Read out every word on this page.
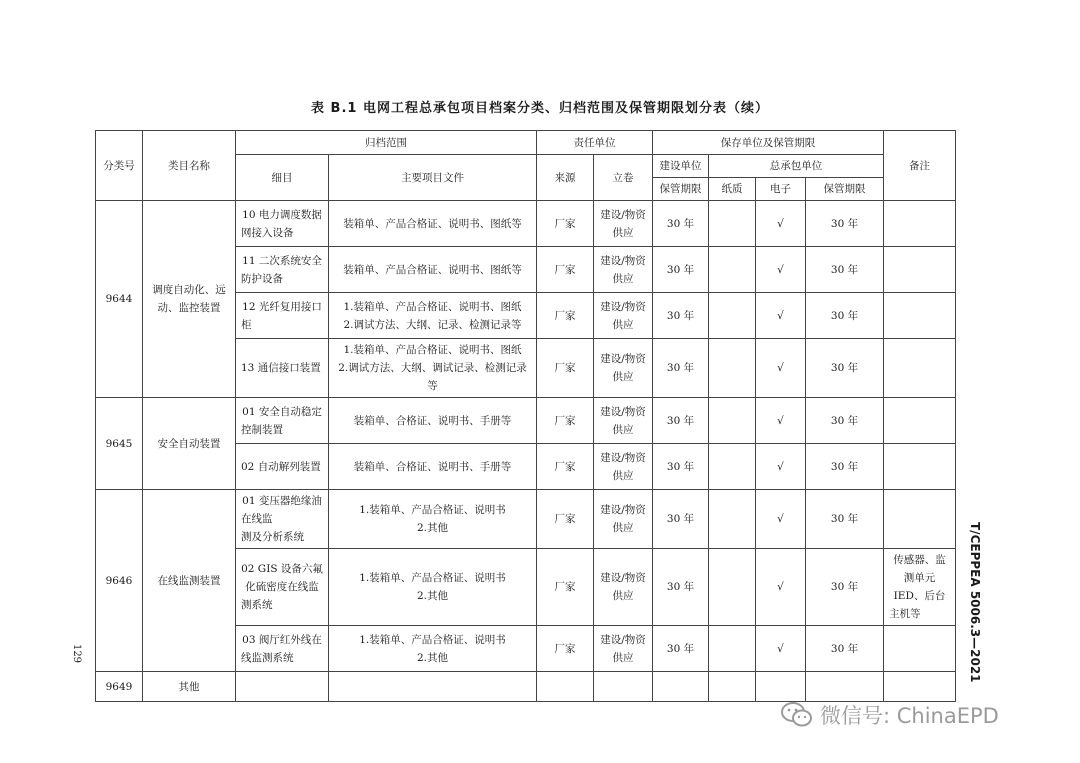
表 B.1 电网工程总承包项目档案分类、归档范围及保管期限划分表（续）
分类号	类目名称	归档范围		责任单位		保存单位及保管期限				备注
		细目	主要项目文件	来源	立卷	建设单位	总承包单位			
						保管期限	纸质	电子	保管期限	
9644	调度自动化、远动、监控装置	10 电力调度数据网接入设备	装箱单、产品合格证、说明书、图纸等	厂家	建设/物资供应	30 年		√	30 年	
		11 二次系统安全防护设备	装箱单、产品合格证、说明书、图纸等	厂家	建设/物资供应	30 年		√	30 年	
		12 光纤复用接口柜	1.装箱单、产品合格证、说明书、图纸
2.调试方法、大纲、记录、检测记录等	厂家	建设/物资供应	30 年		√	30 年	
		13 通信接口装置	1.装箱单、产品合格证、说明书、图纸
2.调试方法、大纲、调试记录、检测记录等	厂家	建设/物资供应	30 年		√	30 年	
9645	安全自动装置	01 安全自动稳定控制装置	装箱单、合格证、说明书、手册等	厂家	建设/物资供应	30 年		√	30 年	
		02 自动解列装置	装箱单、合格证、说明书、手册等	厂家	建设/物资供应	30 年		√	30 年	
9646	在线监测装置	01 变压器绝缘油在线监
测及分析系统	1.装箱单、产品合格证、说明书
2.其他	厂家	建设/物资供应	30 年		√	30 年	
		02 GIS 设备六氟化硫密度在线监测系统	1.装箱单、产品合格证、说明书
2.其他	厂家	建设/物资供应	30 年		√	30 年	传感器、监测单元 IED、后台主机等
		03 阀厅红外线在线监测系统	1.装箱单、产品合格证、说明书
2.其他	厂家	建设/物资供应	30 年		√	30 年	
9649	其他									
129	T/CEPPEA 5006.3—2021
微信号: ChinaEPD
